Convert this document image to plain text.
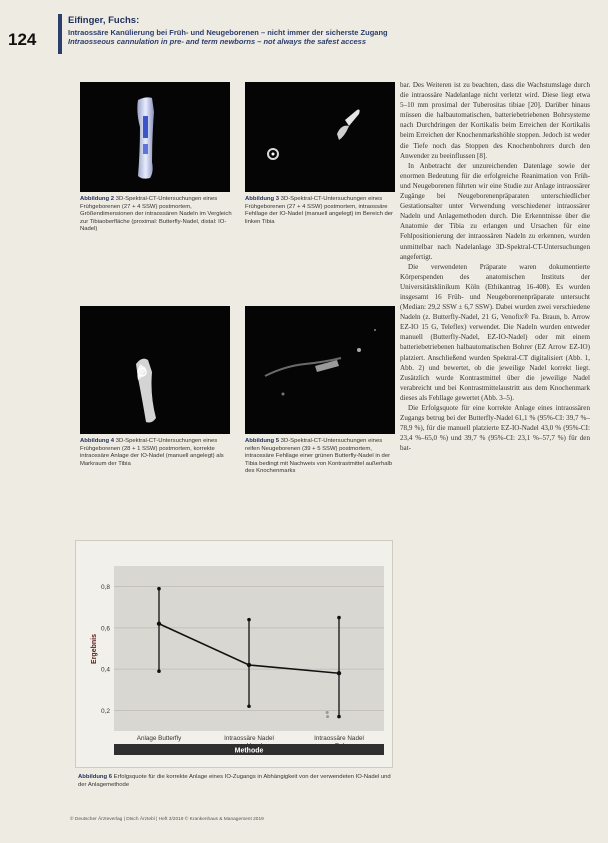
124
Eifinger, Fuchs:
Intraossäre Kanülierung bei Früh- und Neugeborenen – nicht immer der sicherste Zugang
Intraosseous cannulation in pre- and term newborns – not always the safest access
Abbildung 2 3D-Spektral-CT-Untersuchungen eines Frühgeborenen (27 + 4 SSW) postmortem, Größendimensionen der intraossären Nadeln im Vergleich zur Tibiaoberfläche (proximal: Butterfly-Nadel, distal: IO-Nadel)
Abbildung 3 3D-Spektral-CT-Untersuchungen eines Frühgeborenen (27 + 4 SSW) postmortem, intraossäre Fehllage der IO-Nadel (manuell angelegt) im Bereich der linken Tibia
Abbildung 4 3D-Spektral-CT-Untersuchungen eines Frühgeborenen (28 + 1 SSW) postmortem, korrekte intraossäre Anlage der IO-Nadel (manuell angelegt) als Markraum der Tibia
Abbildung 5 3D-Spektral-CT-Untersuchungen eines reifen Neugeborenen (39 + 5 SSW) postmortem, intraossäre Fehllage einer grünen Butterfly-Nadel in der Tibia bedingt mit Nachweis von Kontrastmittel außerhalb des Knochenmarks
0,2
0,4
0,6
0,8
Anlage Butterfly	Intraossäre Nadel	Intraossäre Nadel
Ergebnis
Methode
Abbildung 6 Erfolgsquote für die korrekte Anlage eines IO-Zugangs in Abhängigkeit von der verwendeten IO-Nadel und der Anlagemethode

bar. Des Weiteren ist zu beachten, dass die Wachstumslage durch die intraossäre Nadelanlage nicht verletzt wird. Diese liegt etwa 5–10 mm proximal der Tuberositas tibiae [20]. Darüber hinaus müssen die halbautomatischen, batteriebetriebenen Bohrsysteme nach Durchdringen der Kortikalis beim Erreichen der Kortikalis beim Erreichen der Knochenmarkshöhle stoppen. Jedoch ist weder die Tiefe noch das Stoppen des Knochenbohrers durch den Anwender zu beeinflussen [8].

In Anbetracht der unzureichenden Datenlage sowie der enormen Bedeutung für die erfolgreiche Reanimation von Früh- und Neugeborenen führten wir eine Studie zur Anlage intraossärer Zugänge bei Neugeborenenpräparaten unterschiedlicher Gestationsalter unter Verwendung verschiedener intraossärer Nadeln und Anlagemethoden durch. Die Erkenntnisse über die Anatomie der Tibia zu erlangen und Ursachen für eine Fehlpositionierung der intraossären Nadeln zu erkennen, wurden unmittelbar nach Nadelanlage 3D-Spektral-CT-Untersuchungen angefertigt.

Die verwendeten Präparate waren dokumentierte Körperspenden des anatomischen Instituts der Universitätsklinikum Köln (Ethikantrag 16-408). Es wurden insgesamt 16 Früh- und Neugeborenenpräparate untersucht (Median: 29,2 SSW ± 6,7 SSW). Dabei wurden zwei verschiedene Nadeln (z. Butterfly-Nadel, 21 G, Venofix® Fa. Braun, b. Arrow EZ-IO 15 G, Teleflex) verwendet. Die Nadeln wurden entweder manuell (Butterfly-Nadel, EZ-IO-Nadel) oder mit einem batteriebetriebenen halbautomatischen Bohrer (EZ Arrow EZ-IO) platziert. Anschließend wurden Spektral-CT digitalisiert (Abb. 1, Abb. 2) und bewertet, ob die jeweilige Nadel korrekt liegt. Zusätzlich wurde Kontrastmittel über die jeweilige Nadel verabreicht und bei Kontrastmittelaustritt aus dem Knochenmark dieses als Fehllage gewertet (Abb. 3–5).

Die Erfolgsquote für eine korrekte Anlage eines intraossären Zugangs betrug bei der Butterfly-Nadel 61,1 % (95%-CI: 39,7 %–78,9 %), für die manuell platzierte EZ-IO-Nadel 43,0 % (95%-CI: 23,4 %–65,0 %) und 39,7 % (95%-CI: 23,1 %–57,7 %) für den bat-

© Deutscher Ärzteverlag | Dtsch Ärztebl | Heft 3/2019 © Krankenhaus & Management 2019
